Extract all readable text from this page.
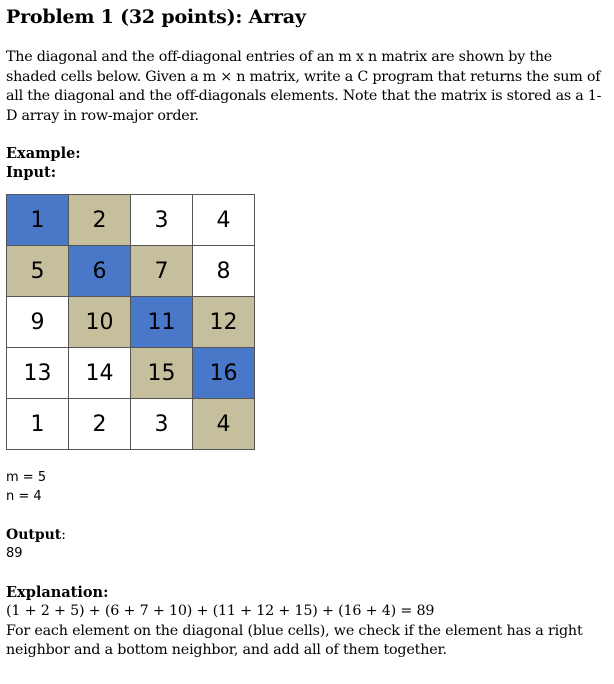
Problem 1 (32 points): Array
The diagonal and the off-diagonal entries of an m x n matrix are shown by the
shaded cells below. Given a m × n matrix, write a C program that returns the sum of
all the diagonal and the off-diagonals elements. Note that the matrix is stored as a 1-
D array in row-major order.
Example:
Input:
1	2	3	4
5	6	7	8
9	10	11	12
13	14	15	16
1	2	3	4
m = 5
n = 4
Output:
89
Explanation:
(1 + 2 + 5) + (6 + 7 + 10) + (11 + 12 + 15) + (16 + 4) = 89
For each element on the diagonal (blue cells), we check if the element has a right
neighbor and a bottom neighbor, and add all of them together.
